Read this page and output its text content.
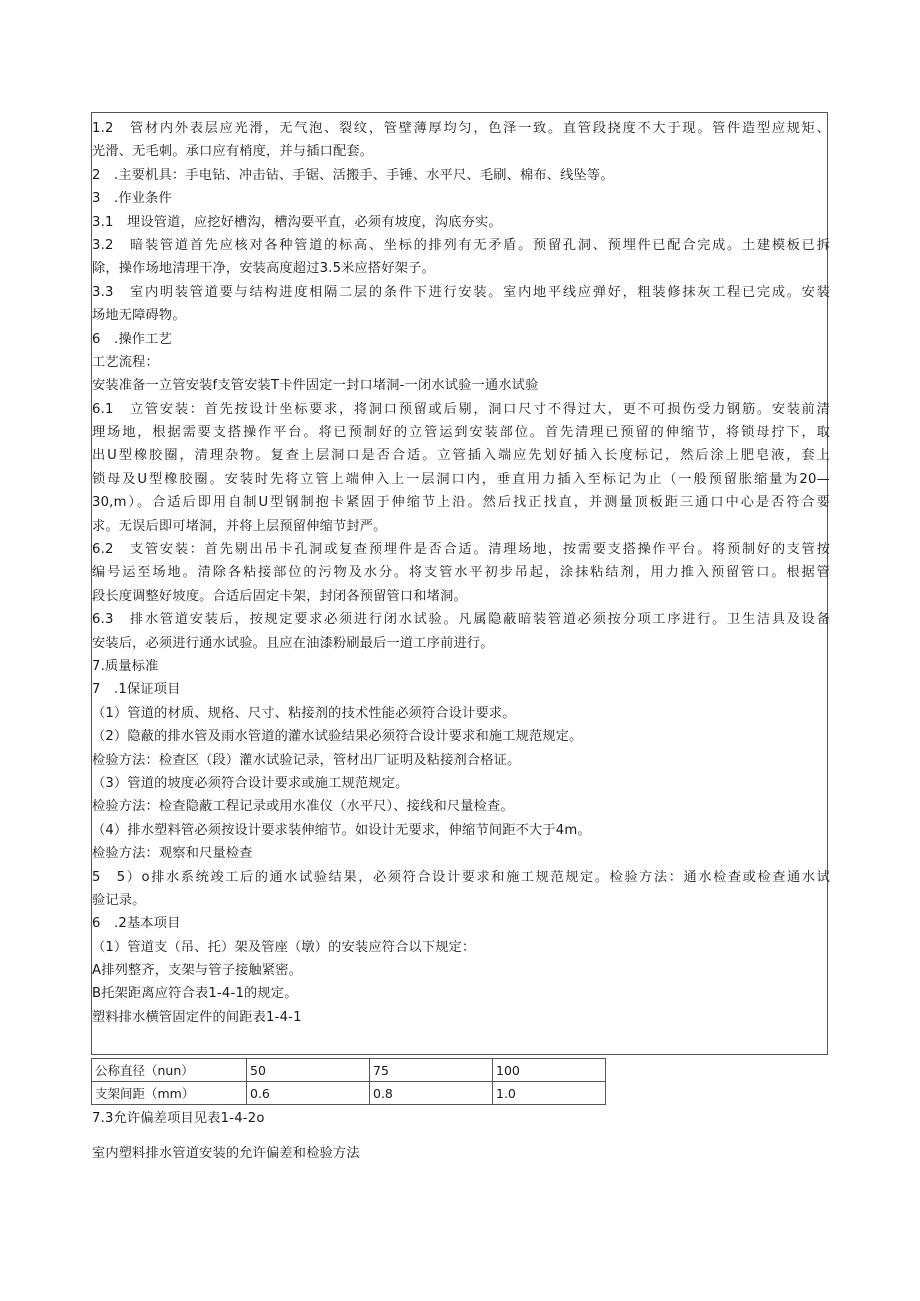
1.2　管材内外表层应光滑，无气泡、裂纹，管壁薄厚均匀，色泽一致。直管段挠度不大于现。管件造型应规矩、
光滑、无毛刺。承口应有梢度，并与插口配套。
2　.主要机具：手电钻、冲击钻、手锯、活搬手、手锤、水平尺、毛刷、棉布、线坠等。
3　.作业条件
3.1　埋设管道，应挖好槽沟，槽沟要平直，必须有坡度，沟底夯实。
3.2　暗装管道首先应核对各种管道的标高、坐标的排列有无矛盾。预留孔洞、预埋件已配合完成。土建模板已拆
除，操作场地清理干净，安装高度超过3.5米应搭好架子。
3.3　室内明装管道要与结构进度相隔二层的条件下进行安装。室内地平线应弹好，粗装修抹灰工程已完成。安装
场地无障碍物。
6　.操作工艺
工艺流程：
安装准备一立管安装f支管安装T卡件固定一封口堵洞-一闭水试验一通水试验
6.1　立管安装：首先按设计坐标要求，将洞口预留或后剔，洞口尺寸不得过大，更不可损伤受力钢筋。安装前清
理场地，根据需要支搭操作平台。将已预制好的立管运到安装部位。首先清理已预留的伸缩节，将锁母拧下，取
出U型橡胶圈，清理杂物。复查上层洞口是否合适。立管插入端应先划好插入长度标记，然后涂上肥皂液，套上
锁母及U型橡胶圈。安装时先将立管上端伸入上一层洞口内，垂直用力插入至标记为止（一般预留胀缩量为20—
30,m）。合适后即用自制U型钢制抱卡紧固于伸缩节上沿。然后找正找直，并测量顶板距三通口中心是否符合要
求。无误后即可堵洞，并将上层预留伸缩节封严。
6.2　支管安装：首先剔出吊卡孔洞或复查预埋件是否合适。清理场地，按需要支搭操作平台。将预制好的支管按
编号运至场地。清除各粘接部位的污物及水分。将支管水平初步吊起，涂抹粘结剂，用力推入预留管口。根据管
段长度调整好坡度。合适后固定卡架，封闭各预留管口和堵洞。
6.3　排水管道安装后，按规定要求必须进行闭水试验。凡属隐蔽暗装管道必须按分项工序进行。卫生洁具及设备
安装后，必须进行通水试验。且应在油漆粉刷最后一道工序前进行。
7.质量标准
7　.1保证项目
（1）管道的材质、规格、尺寸、粘接剂的技术性能必须符合设计要求。
（2）隐蔽的排水管及雨水管道的灌水试验结果必须符合设计要求和施工规范规定。
检验方法：检查区（段）灌水试验记录，管材出厂证明及粘接剂合格证。
（3）管道的坡度必须符合设计要求或施工规范规定。
检验方法：检查隐蔽工程记录或用水准仪（水平尺）、接线和尺量检查。
（4）排水塑料管必须按设计要求装伸缩节。如设计无要求，伸缩节间距不大于4m。
检验方法：观察和尺量检查
5　5）o排水系统竣工后的通水试验结果，必须符合设计要求和施工规范规定。检验方法：通水检查或检查通水试
验记录。
6　.2基本项目
（1）管道支（吊、托）架及管座（墩）的安装应符合以下规定：
A排列整齐，支架与管子接触紧密。
B托架距离应符合表1-4-1的规定。
塑料排水横管固定件的间距表1-4-1
公称直径（nun）	50	75	100
支架间距（mm）	0.6	0.8	1.0
7.3允许偏差项目见表1-4-2o
室内塑料排水管道安装的允许偏差和检验方法
